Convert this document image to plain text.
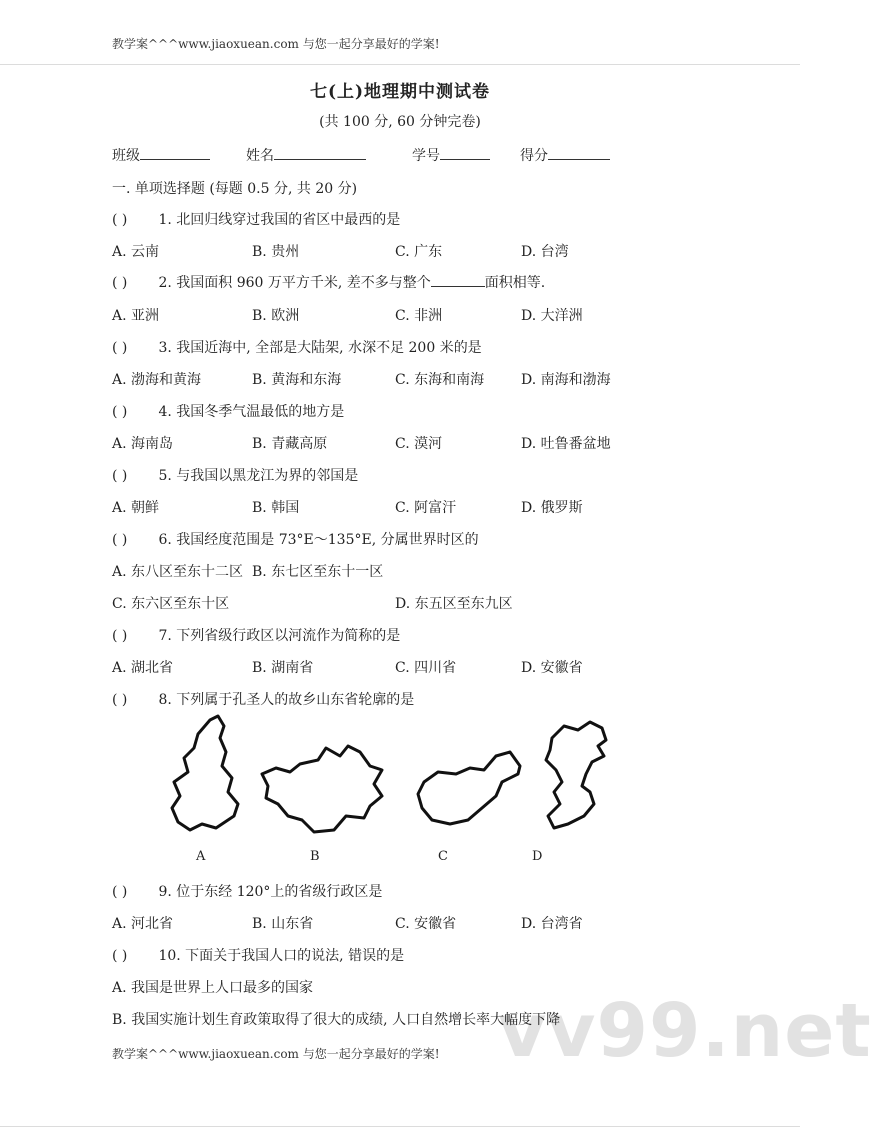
教学案^^^www.jiaoxuean.com 与您一起分享最好的学案!
七(上)地理期中测试卷
(共 100 分, 60 分钟完卷)
班级	姓名	学号	得分
一. 单项选择题 (每题 0.5 分, 共 20 分)
( ) 1. 北回归线穿过我国的省区中最西的是
A. 云南	B. 贵州	C. 广东	D. 台湾
( ) 2. 我国面积 960 万平方千米, 差不多与整个	面积相等.
A. 亚洲	B. 欧洲	C. 非洲	D. 大洋洲
( ) 3. 我国近海中, 全部是大陆架, 水深不足 200 米的是
A. 渤海和黄海	B. 黄海和东海	C. 东海和南海	D. 南海和渤海
( ) 4. 我国冬季气温最低的地方是
A. 海南岛	B. 青藏高原	C. 漠河	D. 吐鲁番盆地
( ) 5. 与我国以黑龙江为界的邻国是
A. 朝鲜	B. 韩国	C. 阿富汗	D. 俄罗斯
( ) 6. 我国经度范围是 73°E～135°E, 分属世界时区的
A. 东八区至东十二区 B. 东七区至东十一区
C. 东六区至东十区	D. 东五区至东九区
( ) 7. 下列省级行政区以河流作为简称的是
A. 湖北省	B. 湖南省	C. 四川省	D. 安徽省
( ) 8. 下列属于孔圣人的故乡山东省轮廓的是
A	B	C	D
( ) 9. 位于东经 120°上的省级行政区是
A. 河北省	B. 山东省	C. 安徽省	D. 台湾省
( ) 10. 下面关于我国人口的说法, 错误的是
A. 我国是世界上人口最多的国家 vv99.net
B. 我国实施计划生育政策取得了很大的成绩, 人口自然增长率大幅度下降
教学案^^^www.jiaoxuean.com 与您一起分享最好的学案!
